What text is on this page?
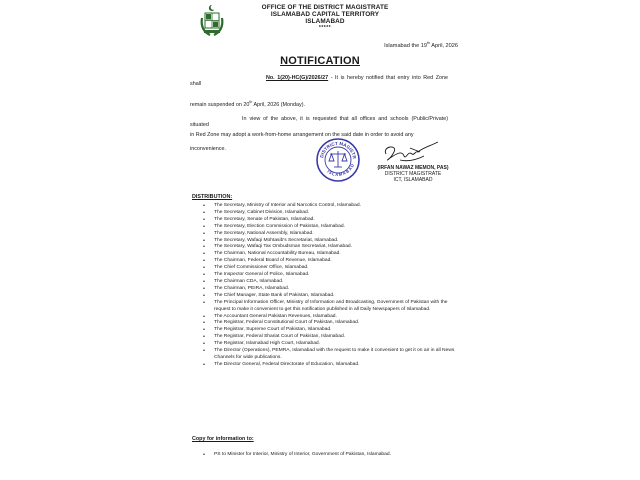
OFFICE OF THE DISTRICT MAGISTRATE
ISLAMABAD CAPITAL TERRITORY
ISLAMABAD
*****
Islamabad the 19th April, 2026
NOTIFICATION
No. 1(20)-HC(G)/2026/27 - It is hereby notified that entry into Red Zone shall
remain suspended on 20th April, 2026 (Monday).
In view of the above, it is requested that all offices and schools (Public/Private) situated
in Red Zone may adopt a work-from-home arrangement on the said date in order to avoid any
inconvenience.
DISTRICT MAGISTR
ISLAMABAD	(IRFAN NAWAZ MEMON, PAS)
DISTRICT MAGISTRATE
ICT, ISLAMABAD
DISTRIBUTION:
• The Secretary, Ministry of Interior and Narcotics Control, Islamabad.
• The Secretary, Cabinet Division, Islamabad.
• The Secretary, Senate of Pakistan, Islamabad.
• The Secretary, Election Commission of Pakistan, Islamabad.
• The Secretary, National Assembly, Islamabad.
• The Secretary, Wafaqi Mohtasib's Secretariat, Islamabad.
• The Secretary, Wafaqi Tax Ombudsman Secretariat, Islamabad.
• The Chairman, National Accountability Bureau, Islamabad.
• The Chairman, Federal Board of Revenue, Islamabad.
• The Chief Commissioner Office, Islamabad.
• The Inspector General of Police, Islamabad.
• The Chairman CDA, Islamabad.
• The Chairman, PEIRA, Islamabad.
• The Chief Manager, State Bank of Pakistan, Islamabad.
• The Principal Information Officer, Ministry of Information and Broadcasting, Government of Pakistan with the request to make it convenient to get this notification published in all Daily Newspapers of Islamabad.
• The Accountant General Pakistan Revenues, Islamabad.
• The Registrar, Federal Constitutional Court of Pakistan, Islamabad.
• The Registrar, Supreme Court of Pakistan, Islamabad.
• The Registrar, Federal Shariat Court of Pakistan, Islamabad.
• The Registrar, Islamabad High Court, Islamabad.
• The Director (Operations), PEMRA, Islamabad with the request to make it convenient to get it on air in all News Channels for wide publications.
• The Director General, Federal Directorate of Education, Islamabad.
Copy for information to:
• PS to Minister for Interior, Ministry of Interior, Government of Pakistan, Islamabad.
